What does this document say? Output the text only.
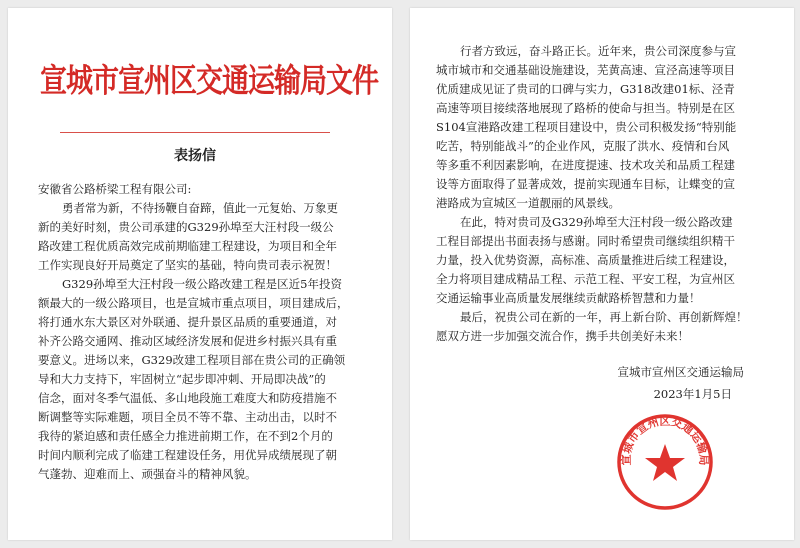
宣城市宣州区交通运输局文件
表扬信
安徽省公路桥梁工程有限公司:
勇者常为新，不待扬鞭自奋蹄，值此一元复始、万象更
新的美好时刻，贵公司承建的G329孙埠至大汪村段一级公
路改建工程优质高效完成前期临建工程建设，为项目和全年
工作实现良好开局奠定了坚实的基础，特向贵司表示祝贺！
G329孙埠至大汪村段一级公路改建工程是区近5年投资
额最大的一级公路项目，也是宣城市重点项目，项目建成后，
将打通水东大景区对外联通、提升景区品质的重要通道，对
补齐公路交通网、推动区域经济发展和促进乡村振兴具有重
要意义。进场以来，G329改建工程项目部在贵公司的正确领
导和大力支持下，牢固树立“起步即冲刺、开局即决战”的
信念，面对冬季气温低、多山地段施工难度大和防疫措施不
断调整等实际难题，项目全员不等不靠、主动出击，以时不
我待的紧迫感和责任感全力推进前期工作，在不到2个月的
时间内顺利完成了临建工程建设任务，用优异成绩展现了朝
气蓬勃、迎难而上、顽强奋斗的精神风貌。
行者方致远，奋斗路正长。近年来，贵公司深度参与宣
城市城市和交通基础设施建设，芜黄高速、宣泾高速等项目
优质建成见证了贵司的口碑与实力，G318改建01标、泾青
高速等项目接续落地展现了路桥的使命与担当。特别是在区
S104宣港路改建工程项目建设中，贵公司积极发扬“特别能
吃苦，特别能战斗”的企业作风，克服了洪水、疫情和台风
等多重不利因素影响，在进度提速、技术攻关和品质工程建
设等方面取得了显著成效，提前实现通车目标，让蝶变的宣
港路成为宣城区一道靓丽的风景线。
在此，特对贵司及G329孙埠至大汪村段一级公路改建
工程目部提出书面表扬与感谢。同时希望贵司继续组织精干
力量，投入优势资源，高标准、高质量推进后续工程建设，
全力将项目建成精品工程、示范工程、平安工程，为宣州区
交通运输事业高质量发展继续贡献路桥智慧和力量！
最后，祝贵公司在新的一年，再上新台阶、再创新辉煌！
愿双方进一步加强交流合作，携手共创美好未来！
宣城市宣州区交通运输局
2023年1月5日
宣城市宣州区交通运输局
